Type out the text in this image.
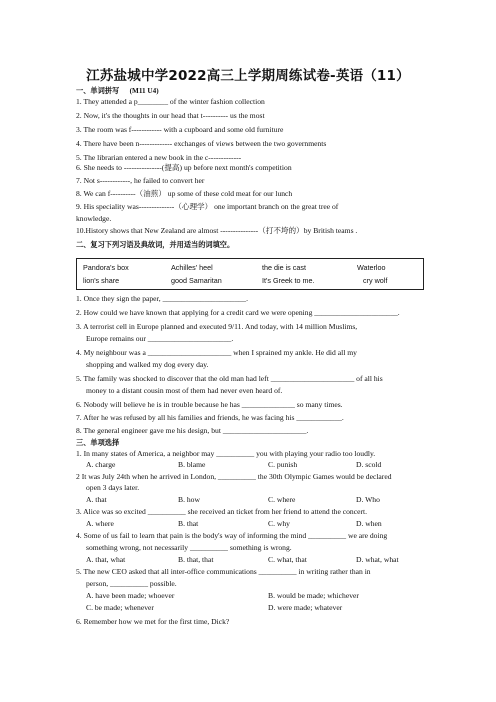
江苏盐城中学2022高三上学期周练试卷-英语（11）
一、单词拼写 (M11 U4)
1. They attended a p________ of the winter fashion collection
2. Now, it's the thoughts in our head that t---------- us the most
3. The room was f------------ with a cupboard and some old furniture
4. There have been n------------- exchanges of views between the two governments
5. The librarian entered a new book in the c-------------
6. She needs to ---------------(提高) up before next month's competition
7. Not s------------, he failed to convert her
8. We can f----------（油煎） up some of these cold meat for our lunch
9. His speciality was--------------（心理学） one important branch on the great tree of
knowledge.
10.History shows that New Zealand are almost ---------------（打不垮的）by British teams .
二、复习下列习语及典故词，并用适当的词填空。
Pandora's box	Achilles' heel	the die is cast	Waterloo
lion's share	good Samaritan	It's Greek to me.	cry wolf
1. Once they sign the paper, ______________________.
2. How could we have known that applying for a credit card we were opening ______________________.
3. A terrorist cell in Europe planned and executed 9/11. And today, with 14 million Muslims,
Europe remains our ______________________.
4. My neighbour was a ______________________ when I sprained my ankle. He did all my
shopping and walked my dog every day.
5. The family was shocked to discover that the old man had left ______________________ of all his
money to a distant cousin most of them had never even heard of.
6. Nobody will believe he is in trouble because he has ______________ so many times.
7. After he was refused by all his families and friends, he was facing his ____________.
8. The general engineer gave me his design, but ______________________.
三、单项选择
1. In many states of America, a neighbor may __________ you with playing your radio too loudly.
A. charge	B. blame	C. punish	D. scold
2 It was July 24th when he arrived in London, __________ the 30th Olympic Games would be declared
open 3 days later.
A. that	B. how	C. where	D. Who
3. Alice was so excited __________ she received an ticket from her friend to attend the concert.
A. where	B. that	C. why	D. when
4. Some of us fail to learn that pain is the body's way of informing the mind __________ we are doing
something wrong, not necessarily __________ something is wrong.
A. that, what	B. that, that	C. what, that	D. what, what
5. The new CEO asked that all inter-office communications __________ in writing rather than in
person, __________ possible.
A. have been made; whoever	B. would be made; whichever
C. be made; whenever	D. were made; whatever
6. Remember how we met for the first time, Dick?
